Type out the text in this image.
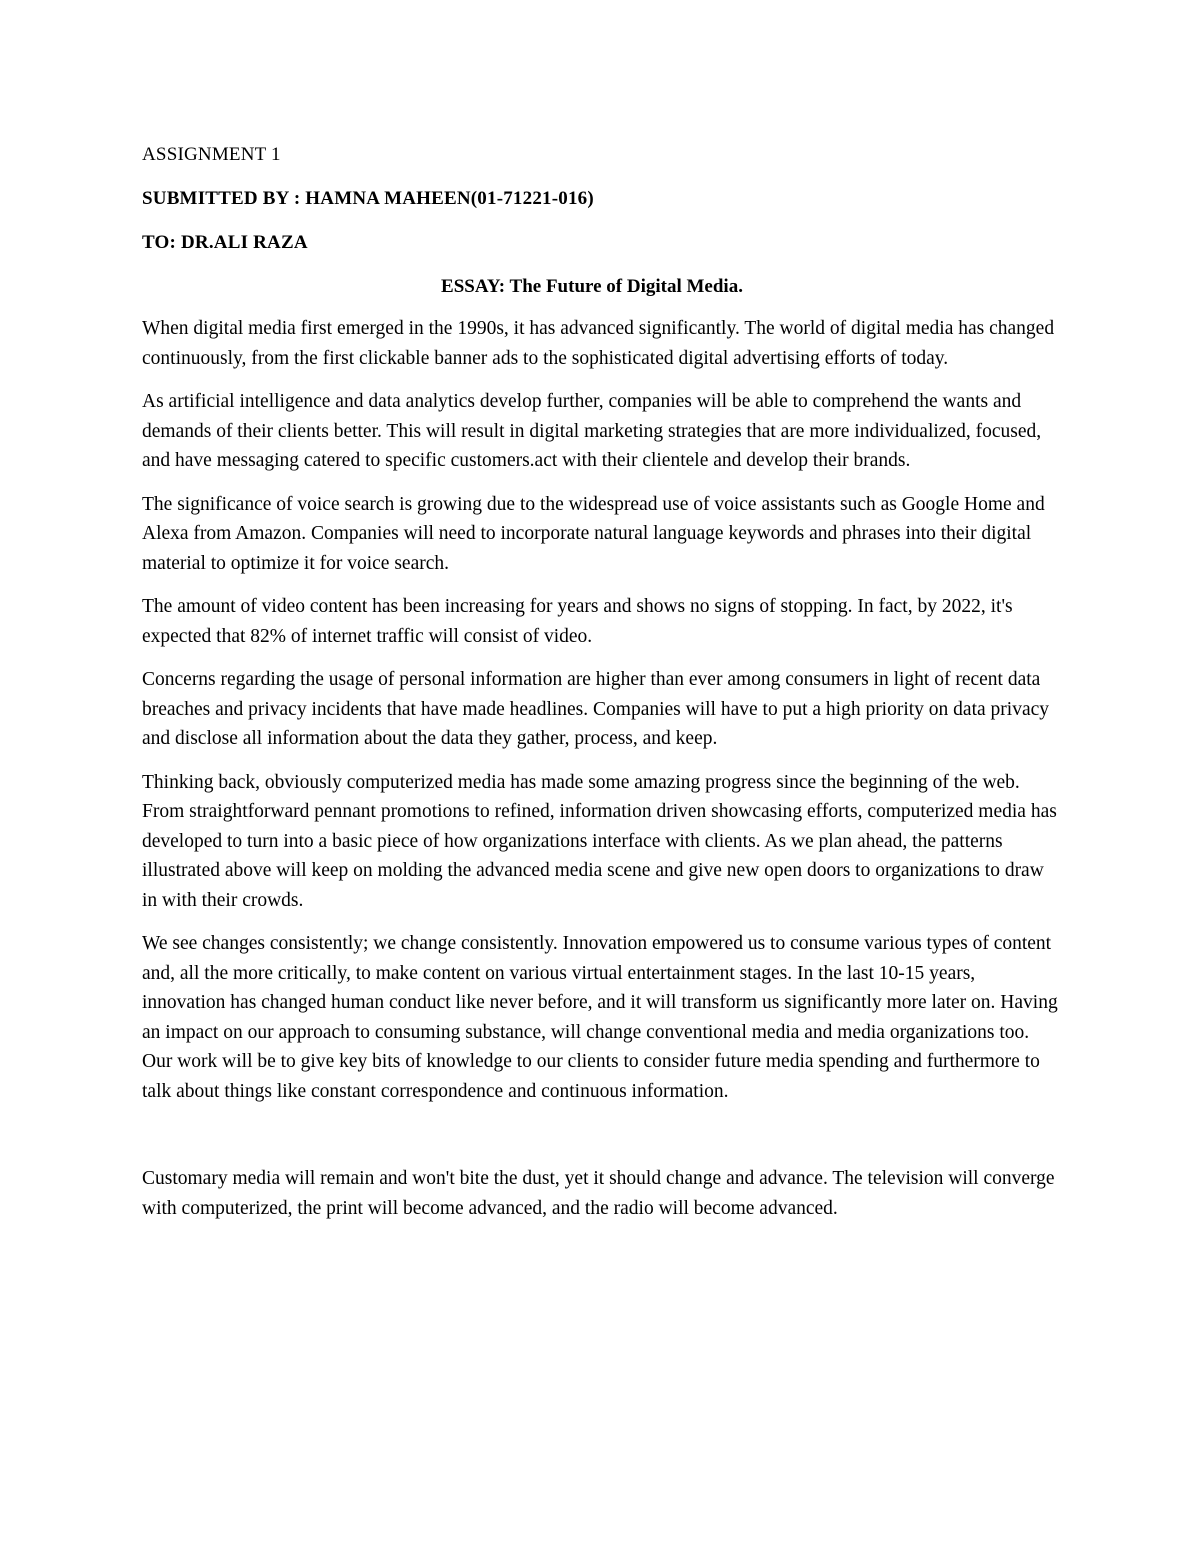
ASSIGNMENT 1
SUBMITTED BY : HAMNA MAHEEN(01-71221-016)
TO: DR.ALI RAZA
ESSAY: The Future of Digital Media.

When digital media first emerged in the 1990s, it has advanced significantly. The world of digital media has changed continuously, from the first clickable banner ads to the sophisticated digital advertising efforts of today.

As artificial intelligence and data analytics develop further, companies will be able to comprehend the wants and demands of their clients better. This will result in digital marketing strategies that are more individualized, focused, and have messaging catered to specific customers.act with their clientele and develop their brands.

The significance of voice search is growing due to the widespread use of voice assistants such as Google Home and Alexa from Amazon. Companies will need to incorporate natural language keywords and phrases into their digital material to optimize it for voice search.

The amount of video content has been increasing for years and shows no signs of stopping. In fact, by 2022, it's expected that 82% of internet traffic will consist of video.

Concerns regarding the usage of personal information are higher than ever among consumers in light of recent data breaches and privacy incidents that have made headlines. Companies will have to put a high priority on data privacy and disclose all information about the data they gather, process, and keep.

Thinking back, obviously computerized media has made some amazing progress since the beginning of the web. From straightforward pennant promotions to refined, information driven showcasing efforts, computerized media has developed to turn into a basic piece of how organizations interface with clients. As we plan ahead, the patterns illustrated above will keep on molding the advanced media scene and give new open doors to organizations to draw in with their crowds.

We see changes consistently; we change consistently. Innovation empowered us to consume various types of content and, all the more critically, to make content on various virtual entertainment stages. In the last 10-15 years, innovation has changed human conduct like never before, and it will transform us significantly more later on. Having an impact on our approach to consuming substance, will change conventional media and media organizations too. Our work will be to give key bits of knowledge to our clients to consider future media spending and furthermore to talk about things like constant correspondence and continuous information.

Customary media will remain and won't bite the dust, yet it should change and advance. The television will converge with computerized, the print will become advanced, and the radio will become advanced.
